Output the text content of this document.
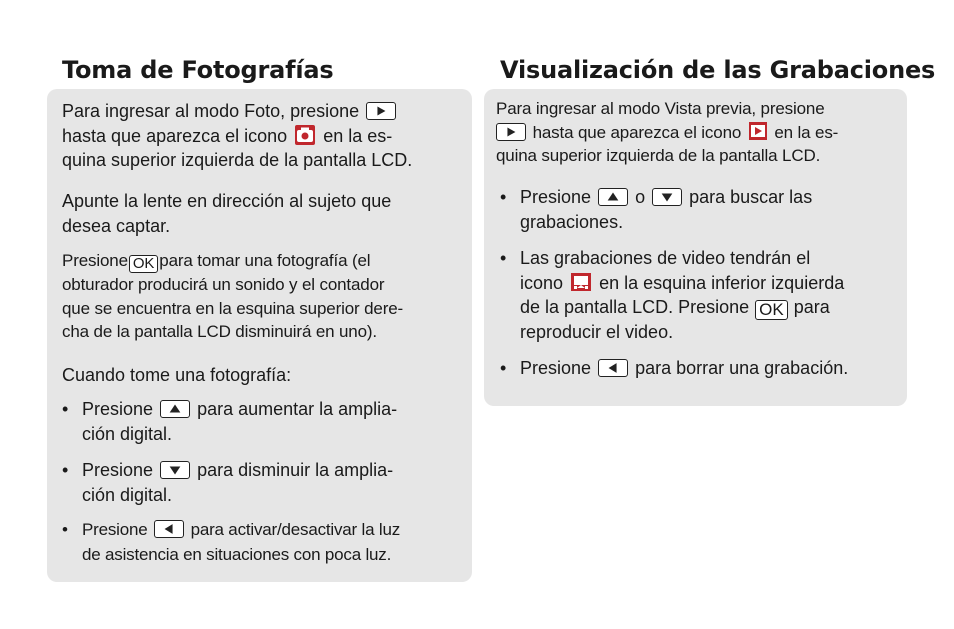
Toma de Fotografías
Para ingresar al modo Foto, presione

hasta que aparezca el icono en la es-
quina superior izquierda de la pantalla LCD.
Apunte la lente en dirección al sujeto que
desea captar.
Presione OK para tomar una fotografía (el
obturador producirá un sonido y el contador
que se encuentra en la esquina superior dere-
cha de la pantalla LCD disminuirá en uno).
Cuando tome una fotografía:
• Presione para aumentar la amplia-
ción digital.
• Presione para disminuir la amplia-
ción digital.
• Presione	para activar/desactivar la luz
de asistencia en situaciones con poca luz.
Visualización de las Grabaciones
Para ingresar al modo Vista previa, presione

hasta que aparezca el icono en la es-
quina superior izquierda de la pantalla LCD.
• Presione o para buscar las
grabaciones.
• Las grabaciones de video tendrán el
icono en la esquina inferior izquierda
de la pantalla LCD. Presione OK para
reproducir el video.
• Presione para borrar una grabación.
